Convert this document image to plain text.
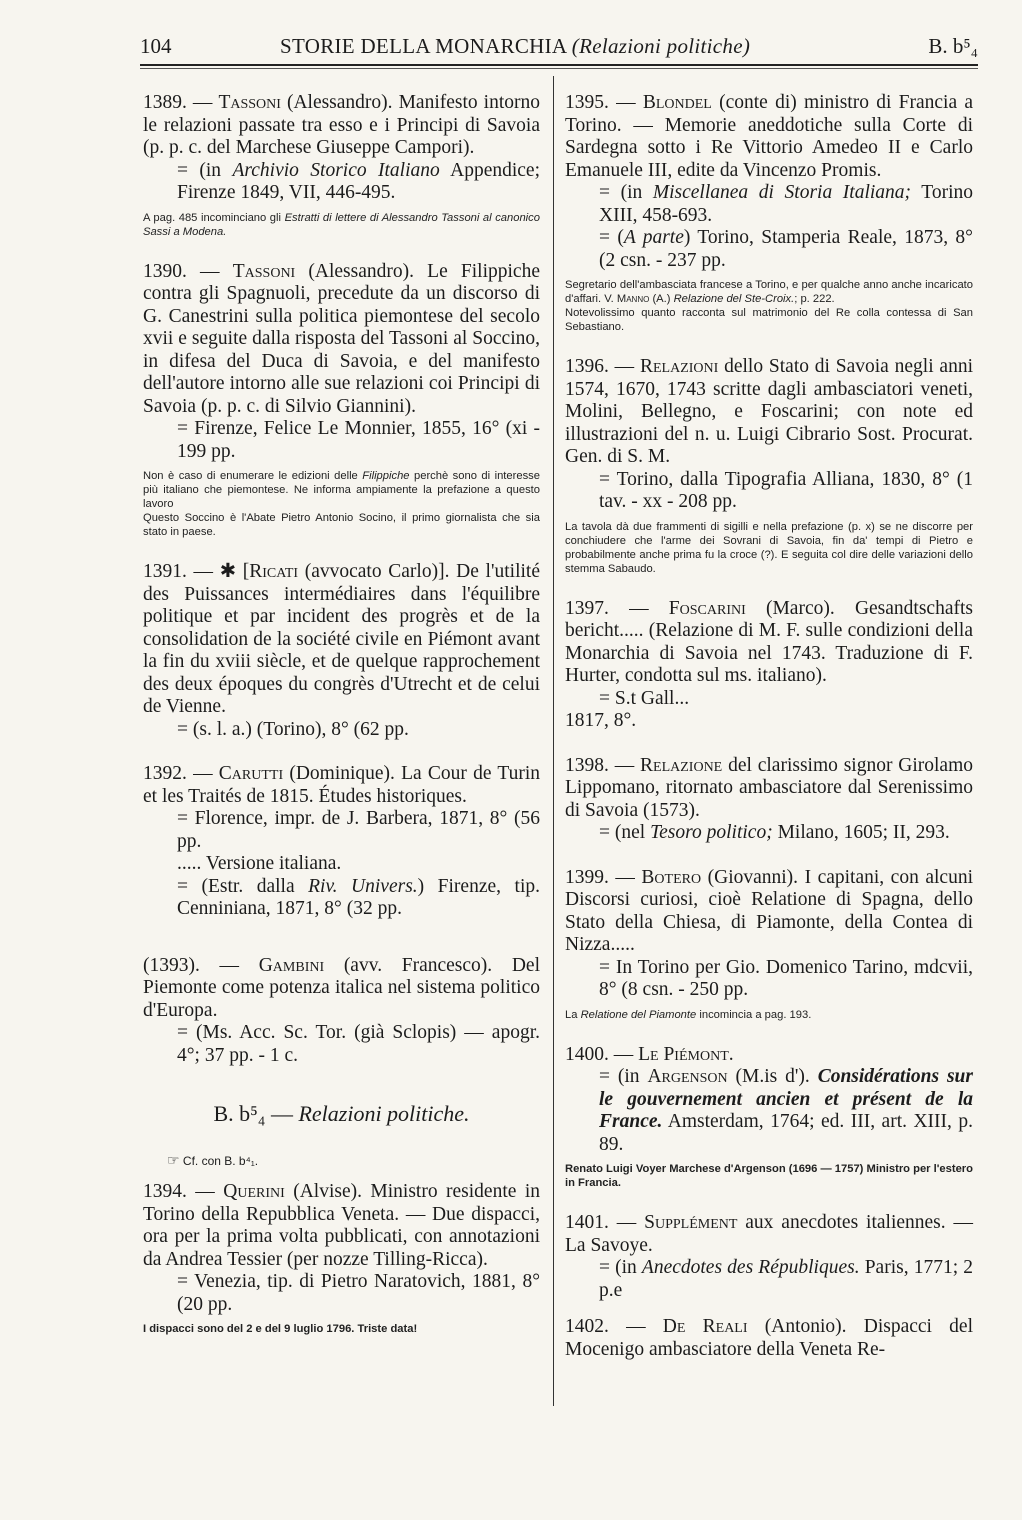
104	STORIE DELLA MONARCHIA (Relazioni politiche)	B. b⁵₄

1389. — Tassoni (Alessandro). Manifesto intorno le relazioni passate tra esso e i Principi di Savoia (p. p. c. del Marchese Giuseppe Campori).
= (in Archivio Storico Italiano Appendice; Firenze 1849, VII, 446-495.

A pag. 485 incominciano gli Estratti di lettere di Alessandro Tassoni al canonico Sassi a Modena.

1390. — Tassoni (Alessandro). Le Filippiche contra gli Spagnuoli, precedute da un discorso di G. Canestrini sulla politica piemontese del secolo xvii e seguite dalla risposta del Tassoni al Soccino, in difesa del Duca di Savoia, e del manifesto dell'autore intorno alle sue relazioni coi Principi di Savoia (p. p. c. di Silvio Giannini).
= Firenze, Felice Le Monnier, 1855, 16° (xi - 199 pp.

Non è caso di enumerare le edizioni delle Filippiche perchè sono di interesse più italiano che piemontese. Ne informa ampiamente la prefazione a questo lavoro

Questo Soccino è l'Abate Pietro Antonio Socino, il primo giornalista che sia stato in paese.

1391. — ✱ [Ricati (avvocato Carlo)]. De l'utilité des Puissances intermédiaires dans l'équilibre politique et par incident des progrès et de la consolidation de la société civile en Piémont avant la fin du xviii siècle, et de quelque rapprochement des deux époques du congrès d'Utrecht et de celui de Vienne.
= (s. l. a.) (Torino), 8° (62 pp.

1392. — Carutti (Dominique). La Cour de Turin et les Traités de 1815. Études historiques.
= Florence, impr. de J. Barbera, 1871, 8° (56 pp.
..... Versione italiana.
= (Estr. dalla Riv. Univers.) Firenze, tip. Cenniniana, 1871, 8° (32 pp.

(1393). — Gambini (avv. Francesco). Del Piemonte come potenza italica nel sistema politico d'Europa.
= (Ms. Acc. Sc. Tor. (già Sclopis) — apogr. 4°; 37 pp. - 1 c.

B. b⁵₄ — Relazioni politiche.

☞ Cf. con B. b⁴₁.

1394. — Querini (Alvise). Ministro residente in Torino della Repubblica Veneta. — Due dispacci, ora per la prima volta pubblicati, con annotazioni da Andrea Tessier (per nozze Tilling-Ricca).
= Venezia, tip. di Pietro Naratovich, 1881, 8° (20 pp.

I dispacci sono del 2 e del 9 luglio 1796. Triste data!

1395. — Blondel (conte di) ministro di Francia a Torino. — Memorie aneddotiche sulla Corte di Sardegna sotto i Re Vittorio Amedeo II e Carlo Emanuele III, edite da Vincenzo Promis.
= (in Miscellanea di Storia Italiana; Torino XIII, 458-693.
= (A parte) Torino, Stamperia Reale, 1873, 8° (2 csn. - 237 pp.

Segretario dell'ambasciata francese a Torino, e per qualche anno anche incaricato d'affari. V. Manno (A.) Relazione del Ste-Croix.; p. 222.

Notevolissimo quanto racconta sul matrimonio del Re colla contessa di San Sebastiano.

1396. — Relazioni dello Stato di Savoia negli anni 1574, 1670, 1743 scritte dagli ambasciatori veneti, Molini, Bellegno, e Foscarini; con note ed illustrazioni del n. u. Luigi Cibrario Sost. Procurat. Gen. di S. M.
= Torino, dalla Tipografia Alliana, 1830, 8° (1 tav. - xx - 208 pp.

La tavola dà due frammenti di sigilli e nella prefazione (p. x) se ne discorre per conchiudere che l'arme dei Sovrani di Savoia, fin da' tempi di Pietro e probabilmente anche prima fu la croce (?). E seguita col dire delle variazioni dello stemma Sabaudo.

1397. — Foscarini (Marco). Gesandtschafts bericht..... (Relazione di M. F. sulle condizioni della Monarchia di Savoia nel 1743. Traduzione di F. Hurter, condotta sul ms. italiano).
= S.t Gall...
1817, 8°.

1398. — Relazione del clarissimo signor Girolamo Lippomano, ritornato ambasciatore dal Serenissimo di Savoia (1573).
= (nel Tesoro politico; Milano, 1605; II, 293.

1399. — Botero (Giovanni). I capitani, con alcuni Discorsi curiosi, cioè Relatione di Spagna, dello Stato della Chiesa, di Piamonte, della Contea di Nizza.....
= In Torino per Gio. Domenico Tarino, mdcvii, 8° (8 csn. - 250 pp.

La Relatione del Piamonte incomincia a pag. 193.

1400. — Le Piémont.
= (in Argenson (M.is d'). Considérations sur le gouvernement ancien et présent de la France. Amsterdam, 1764; ed. III, art. XIII, p. 89.

Renato Luigi Voyer Marchese d'Argenson (1696 — 1757) Ministro per l'estero in Francia.

1401. — Supplément aux anecdotes italiennes. — La Savoye.
= (in Anecdotes des Républiques. Paris, 1771; 2 p.e

1402. — De Reali (Antonio). Dispacci del Mocenigo ambasciatore della Veneta Re-
